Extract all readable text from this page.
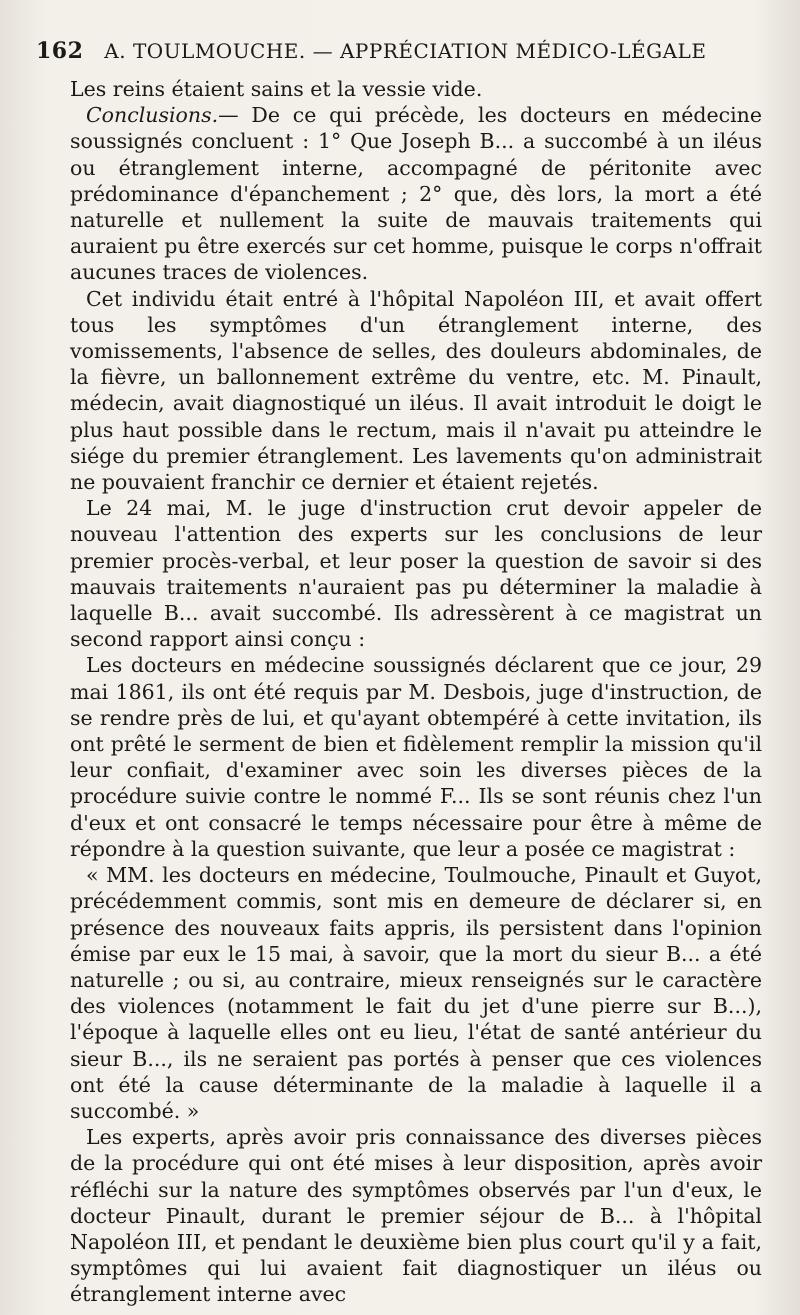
162 A. TOULMOUCHE. — APPRÉCIATION MÉDICO-LÉGALE

Les reins étaient sains et la vessie vide.

Conclusions.— De ce qui précède, les docteurs en médecine soussignés concluent : 1° Que Joseph B... a succombé à un iléus ou étranglement interne, accompagné de péritonite avec prédominance d'épanchement ; 2° que, dès lors, la mort a été naturelle et nullement la suite de mauvais traitements qui auraient pu être exercés sur cet homme, puisque le corps n'offrait aucunes traces de violences.

Cet individu était entré à l'hôpital Napoléon III, et avait offert tous les symptômes d'un étranglement interne, des vomissements, l'absence de selles, des douleurs abdominales, de la fièvre, un ballonnement extrême du ventre, etc. M. Pinault, médecin, avait diagnostiqué un iléus. Il avait introduit le doigt le plus haut possible dans le rectum, mais il n'avait pu atteindre le siége du premier étranglement. Les lavements qu'on administrait ne pouvaient franchir ce dernier et étaient rejetés.

Le 24 mai, M. le juge d'instruction crut devoir appeler de nouveau l'attention des experts sur les conclusions de leur premier procès-verbal, et leur poser la question de savoir si des mauvais traitements n'auraient pas pu déterminer la maladie à laquelle B... avait succombé. Ils adressèrent à ce magistrat un second rapport ainsi conçu :

Les docteurs en médecine soussignés déclarent que ce jour, 29 mai 1861, ils ont été requis par M. Desbois, juge d'instruction, de se rendre près de lui, et qu'ayant obtempéré à cette invitation, ils ont prêté le serment de bien et fidèlement remplir la mission qu'il leur confiait, d'examiner avec soin les diverses pièces de la procédure suivie contre le nommé F... Ils se sont réunis chez l'un d'eux et ont consacré le temps nécessaire pour être à même de répondre à la question suivante, que leur a posée ce magistrat :

« MM. les docteurs en médecine, Toulmouche, Pinault et Guyot, précédemment commis, sont mis en demeure de déclarer si, en présence des nouveaux faits appris, ils persistent dans l'opinion émise par eux le 15 mai, à savoir, que la mort du sieur B... a été naturelle ; ou si, au contraire, mieux renseignés sur le caractère des violences (notamment le fait du jet d'une pierre sur B...), l'époque à laquelle elles ont eu lieu, l'état de santé antérieur du sieur B..., ils ne seraient pas portés à penser que ces violences ont été la cause déterminante de la maladie à laquelle il a succombé. »

Les experts, après avoir pris connaissance des diverses pièces de la procédure qui ont été mises à leur disposition, après avoir réfléchi sur la nature des symptômes observés par l'un d'eux, le docteur Pinault, durant le premier séjour de B... à l'hôpital Napoléon III, et pendant le deuxième bien plus court qu'il y a fait, symptômes qui lui avaient fait diagnostiquer un iléus ou étranglement interne avec
